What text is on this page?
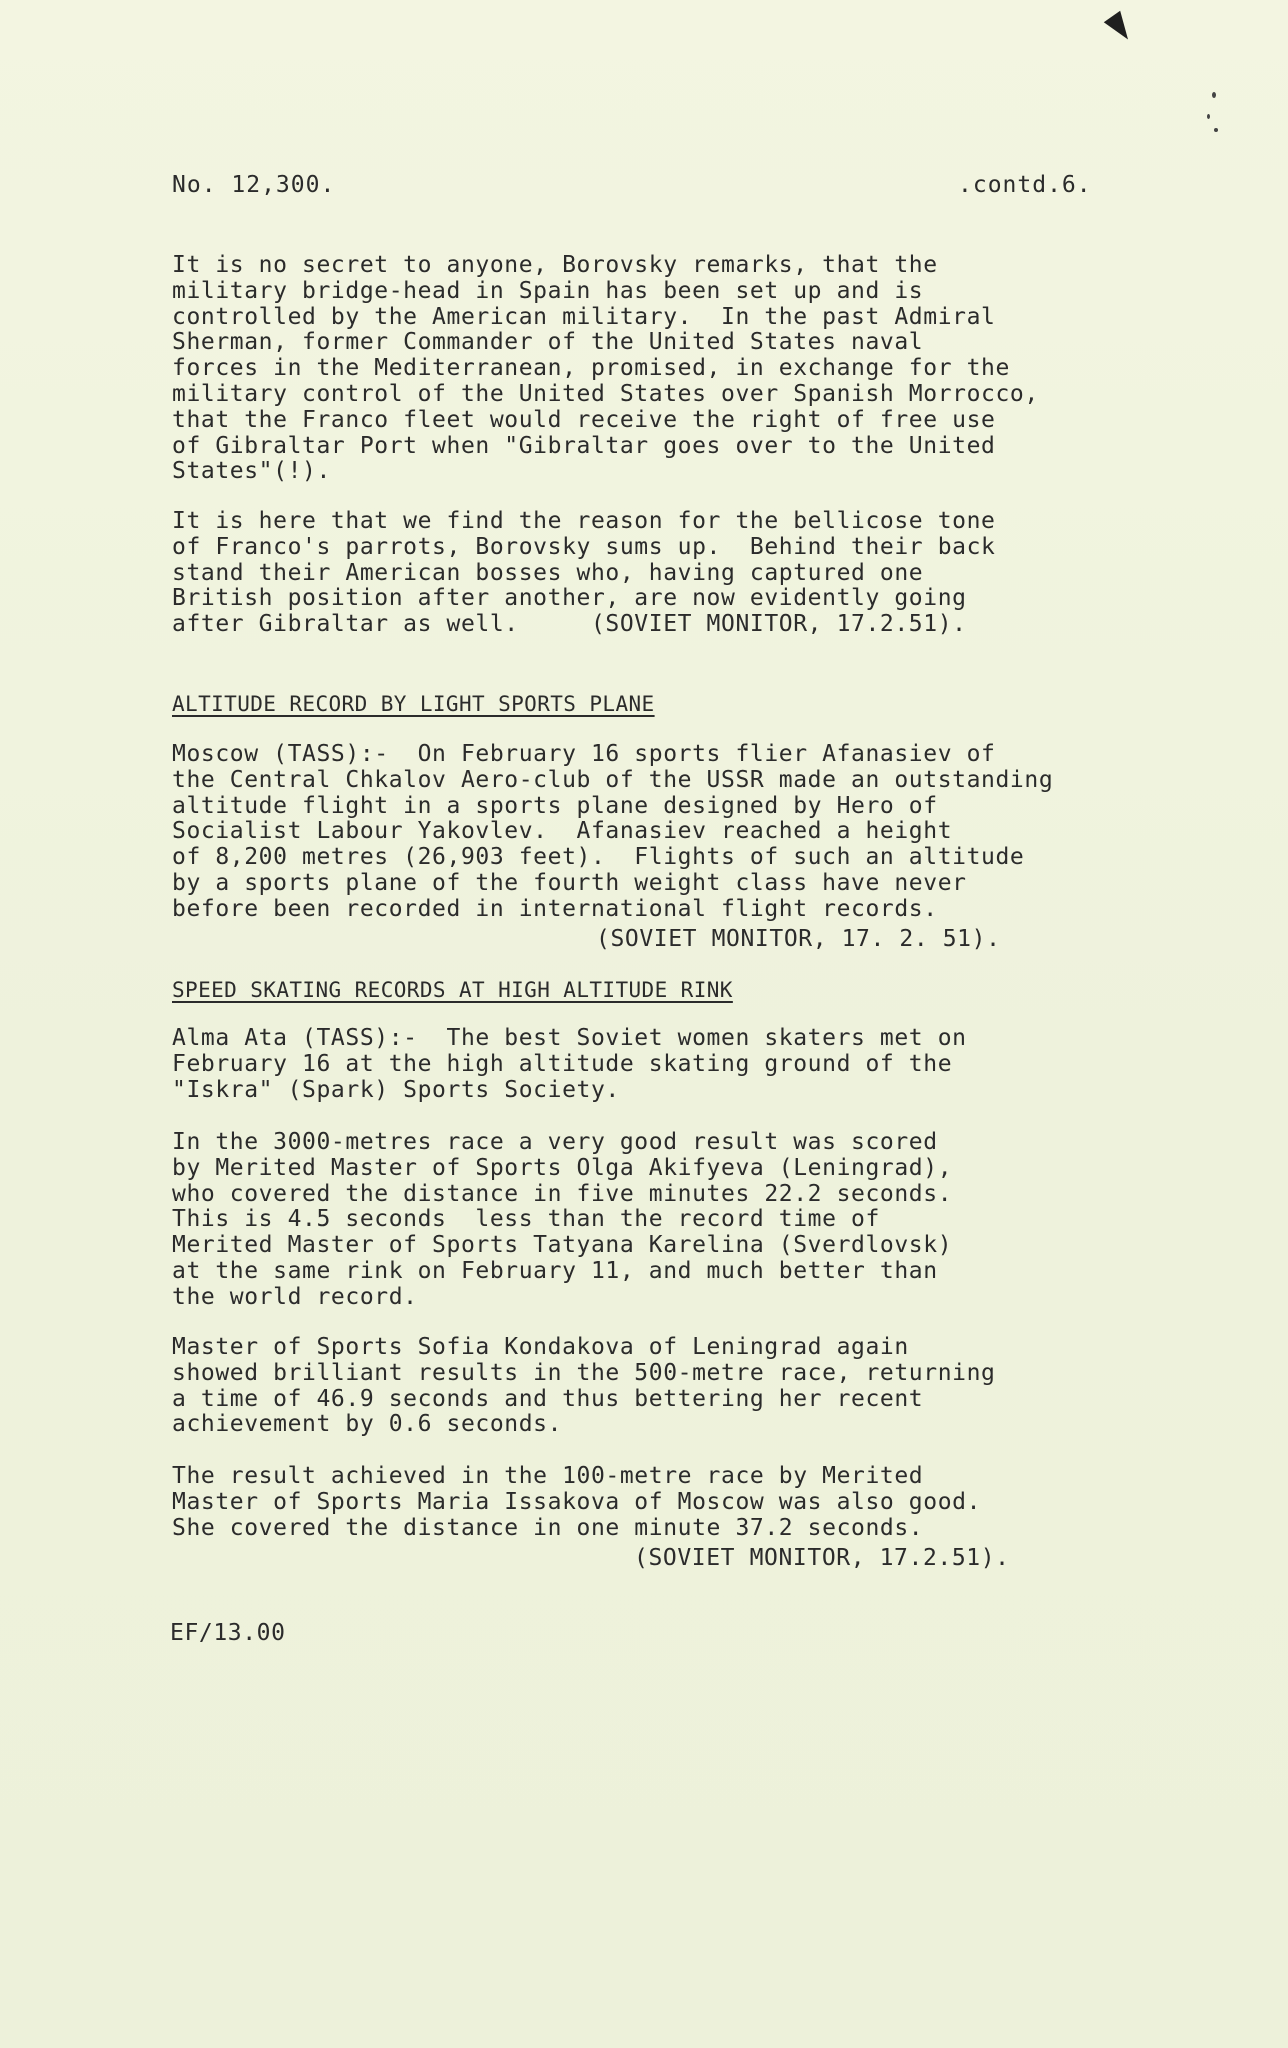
No. 12,300.	.contd.6.

It is no secret to anyone, Borovsky remarks, that the
military bridge-head in Spain has been set up and is
controlled by the American military.  In the past Admiral
Sherman, former Commander of the United States naval
forces in the Mediterranean, promised, in exchange for the
military control of the United States over Spanish Morrocco,
that the Franco fleet would receive the right of free use
of Gibraltar Port when "Gibraltar goes over to the United
States"(!).

It is here that we find the reason for the bellicose tone
of Franco's parrots, Borovsky sums up.  Behind their back
stand their American bosses who, having captured one
British position after another, are now evidently going
after Gibraltar as well.     (SOVIET MONITOR, 17.2.51).

ALTITUDE RECORD BY LIGHT SPORTS PLANE

Moscow (TASS):-  On February 16 sports flier Afanasiev of
the Central Chkalov Aero-club of the USSR made an outstanding
altitude flight in a sports plane designed by Hero of
Socialist Labour Yakovlev.  Afanasiev reached a height
of 8,200 metres (26,903 feet).  Flights of such an altitude
by a sports plane of the fourth weight class have never
before been recorded in international flight records.

(SOVIET MONITOR, 17. 2. 51).

SPEED SKATING RECORDS AT HIGH ALTITUDE RINK

Alma Ata (TASS):-  The best Soviet women skaters met on
February 16 at the high altitude skating ground of the
"Iskra" (Spark) Sports Society.

In the 3000-metres race a very good result was scored
by Merited Master of Sports Olga Akifyeva (Leningrad),
who covered the distance in five minutes 22.2 seconds.
This is 4.5 seconds  less than the record time of
Merited Master of Sports Tatyana Karelina (Sverdlovsk)
at the same rink on February 11, and much better than
the world record.

Master of Sports Sofia Kondakova of Leningrad again
showed brilliant results in the 500-metre race, returning
a time of 46.9 seconds and thus bettering her recent
achievement by 0.6 seconds.

The result achieved in the 100-metre race by Merited
Master of Sports Maria Issakova of Moscow was also good.
She covered the distance in one minute 37.2 seconds.

(SOVIET MONITOR, 17.2.51).

EF/13.00
